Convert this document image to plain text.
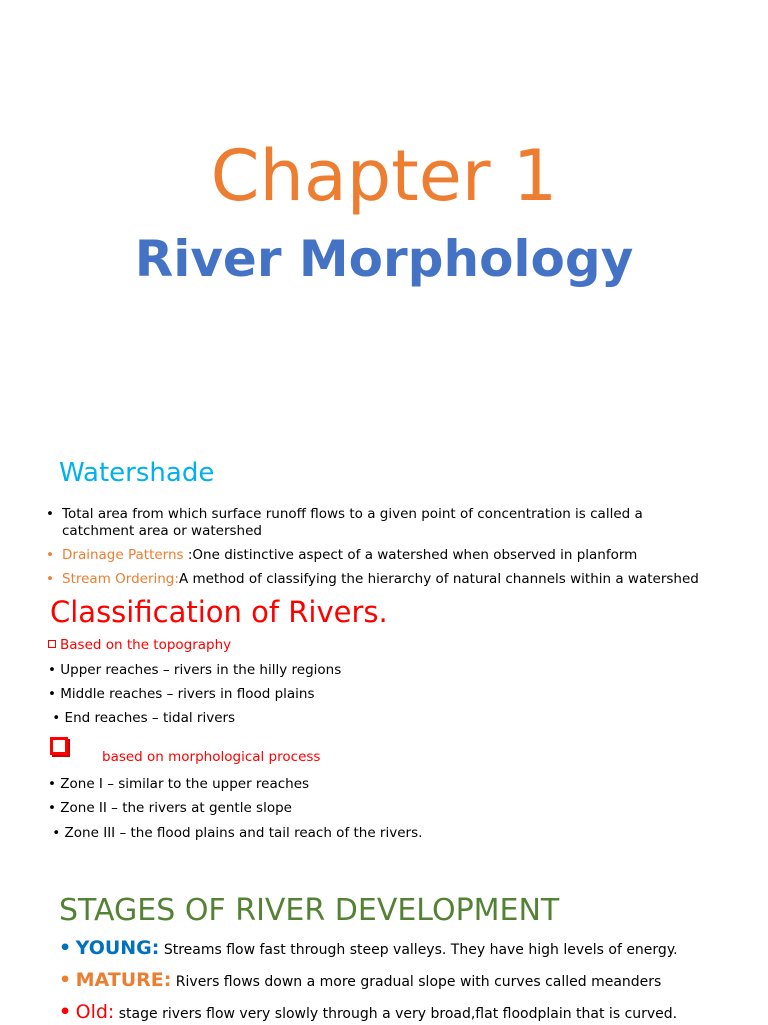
Chapter 1
River Morphology
Watershade
• Total area from which surface runoff flows to a given point of concentration is called a catchment area or watershed
• Drainage Patterns :One distinctive aspect of a watershed when observed in planform
• Stream Ordering:A method of classifying the hierarchy of natural channels within a watershed
Classification of Rivers.
Based on the topography
• Upper reaches – rivers in the hilly regions
• Middle reaches – rivers in flood plains
• End reaches – tidal rivers
based on morphological process
• Zone I – similar to the upper reaches
• Zone II – the rivers at gentle slope
• Zone III – the flood plains and tail reach of the rivers.
STAGES OF RIVER DEVELOPMENT
• YOUNG: Streams flow fast through steep valleys. They have high levels of energy.
• MATURE: Rivers flows down a more gradual slope with curves called meanders
• Old: stage rivers flow very slowly through a very broad,flat floodplain that is curved.
